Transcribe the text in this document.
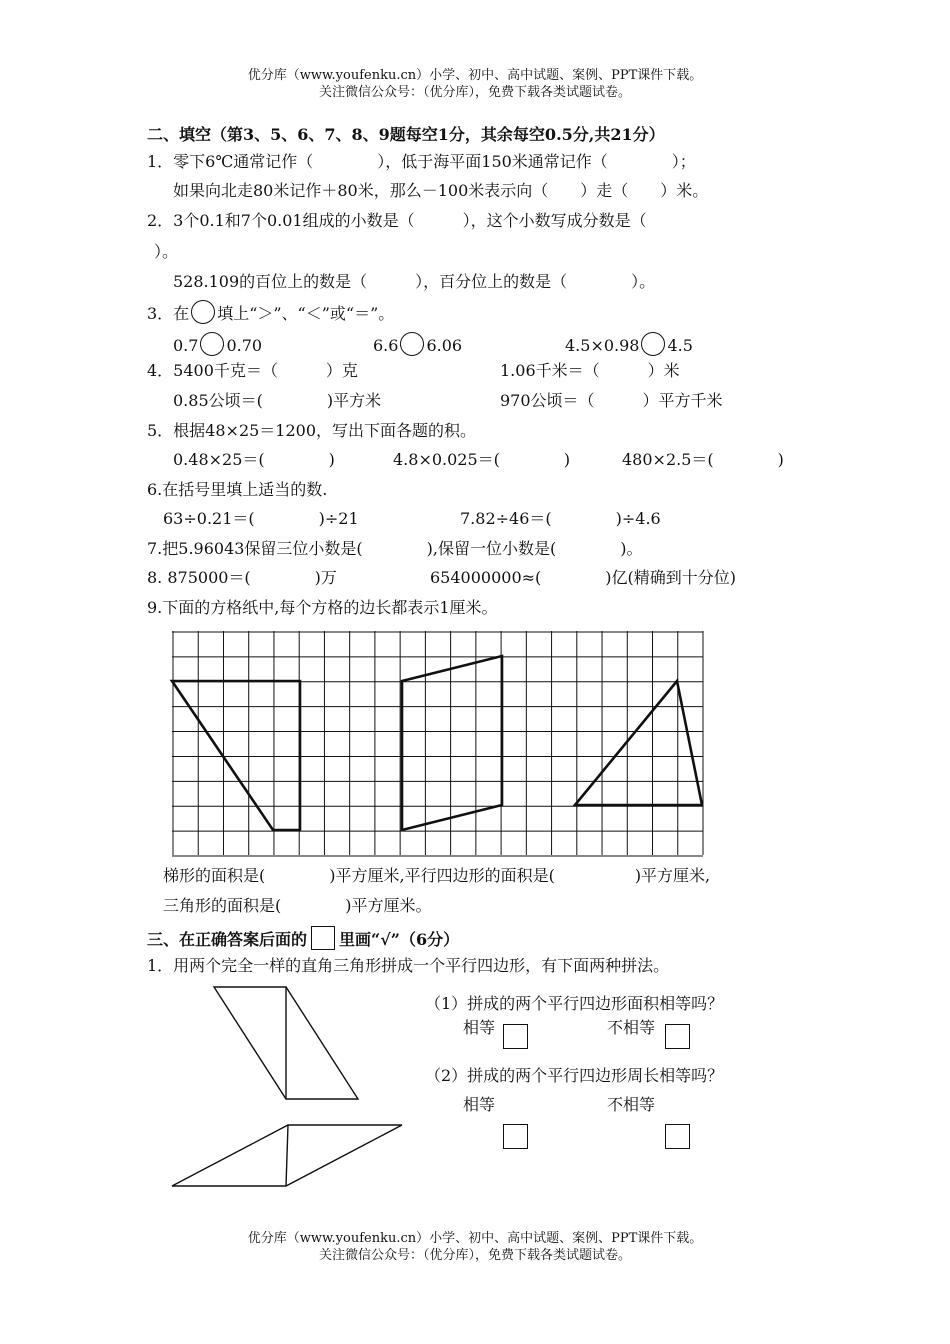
优分库（www.youfenku.cn）小学、初中、高中试题、案例、PPT课件下载。
关注微信公众号：（优分库），免费下载各类试题试卷。
二、填空（第3、5、6、7、8、9题每空1分，其余每空0.5分,共21分）
1．零下6℃通常记作（　　　　），低于海平面150米通常记作（　　　　）；
如果向北走80米记作＋80米，那么－100米表示向（　　）走（　　）米。
2．3个0.1和7个0.01组成的小数是（　　　），这个小数写成分数是（
）。
528.109的百位上的数是（　　　），百分位上的数是（　　　　）。
3．在 填上“＞”、“＜”或“＝”。
0.7 0.70	6.6 6.06	4.5×0.98 4.5
4．5400千克＝（　　　）克	1.06千米＝（　　　）米
0.85公顷＝(　　　　)平方米	970公顷＝（　　　）平方千米
5．根据48×25＝1200，写出下面各题的积。
0.48×25＝(　　　　)	4.8×0.025＝(　　　　)	480×2.5＝(　　　　)
6.在括号里填上适当的数.
63÷0.21＝(　　　　)÷21	7.82÷46＝(　　　　)÷4.6
7.把5.96043保留三位小数是(　　　　),保留一位小数是(　　　　)。
8. 875000＝(　　　　)万	654000000≈(　　　　)亿(精确到十分位)
9.下面的方格纸中,每个方格的边长都表示1厘米。
梯形的面积是(　　　　)平方厘米,平行四边形的面积是(　　　　　)平方厘米,
三角形的面积是(　　　　)平方厘米。
三、在正确答案后面的 里画“√”（6分）
1．用两个完全一样的直角三角形拼成一个平行四边形，有下面两种拼法。
（1）拼成的两个平行四边形面积相等吗？
相等	不相等
（2）拼成的两个平行四边形周长相等吗？
相等	不相等
优分库（www.youfenku.cn）小学、初中、高中试题、案例、PPT课件下载。
关注微信公众号：（优分库），免费下载各类试题试卷。
